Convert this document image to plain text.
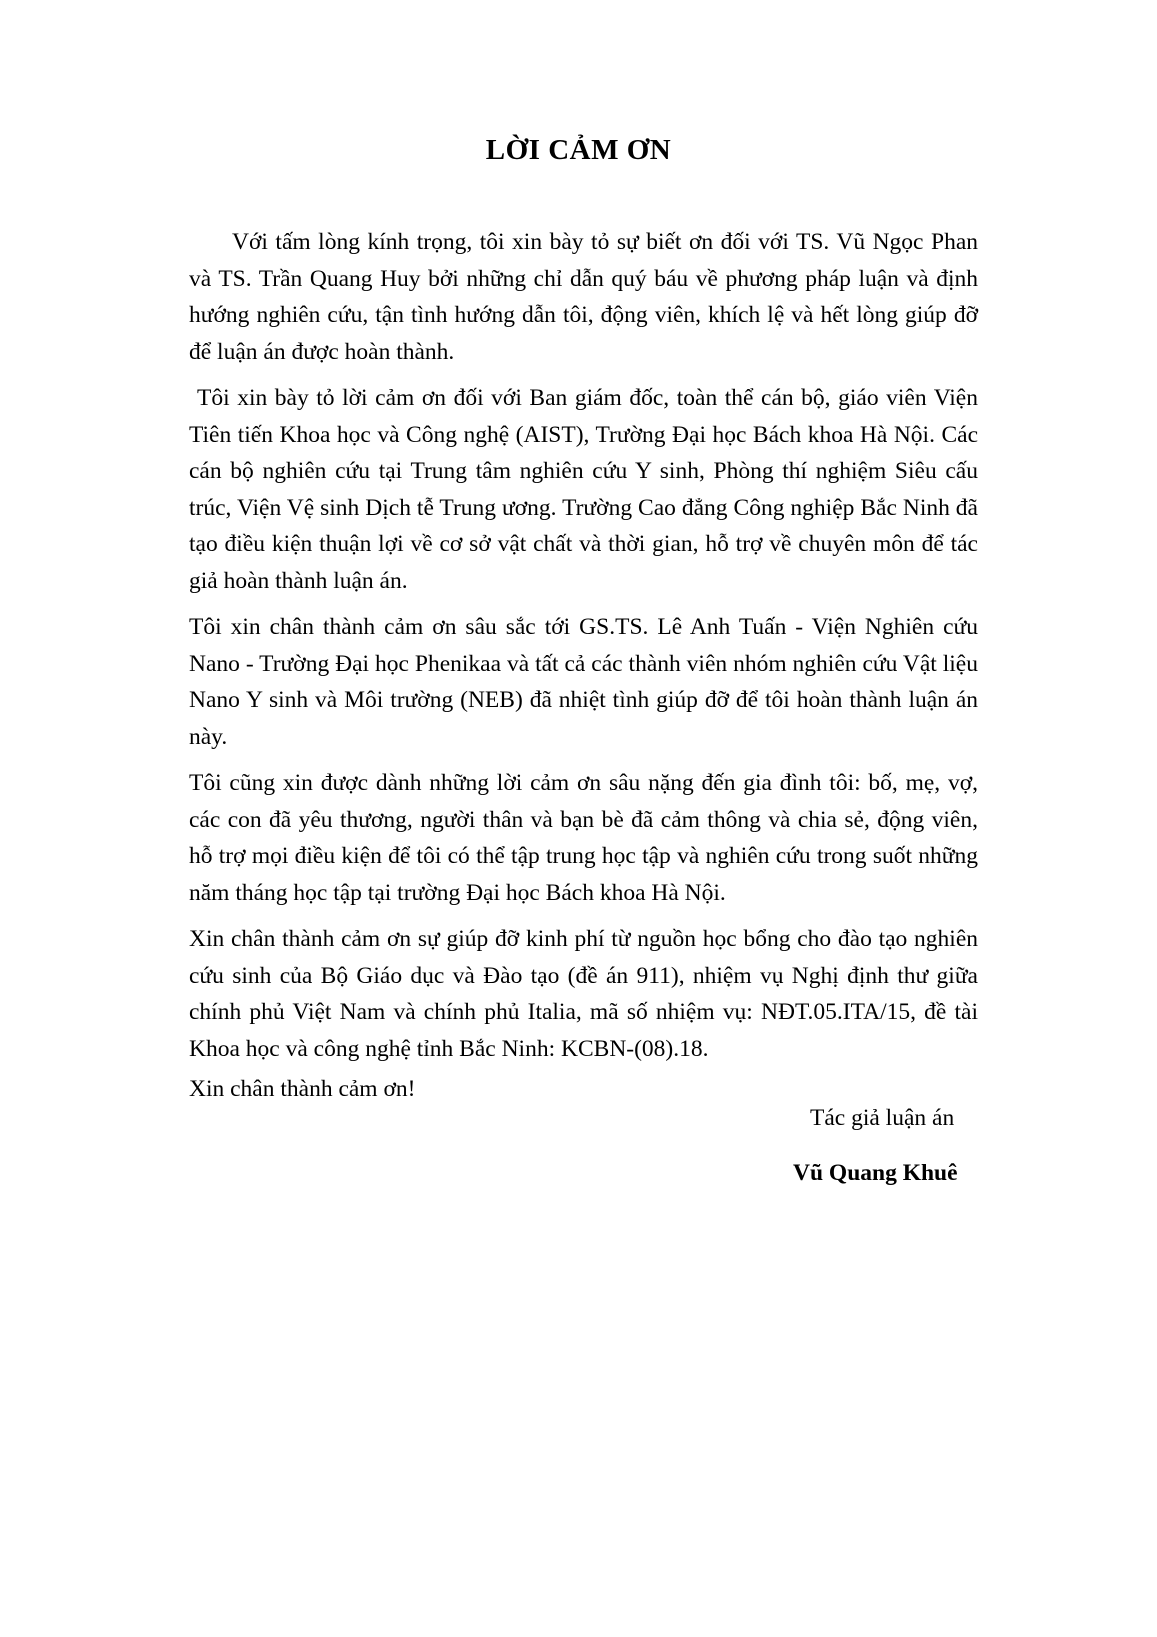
LỜI CẢM ƠN

Với tấm lòng kính trọng, tôi xin bày tỏ sự biết ơn đối với TS. Vũ Ngọc Phan và TS. Trần Quang Huy bởi những chỉ dẫn quý báu về phương pháp luận và định hướng nghiên cứu, tận tình hướng dẫn tôi, động viên, khích lệ và hết lòng giúp đỡ để luận án được hoàn thành.

Tôi xin bày tỏ lời cảm ơn đối với Ban giám đốc, toàn thể cán bộ, giáo viên Viện Tiên tiến Khoa học và Công nghệ (AIST), Trường Đại học Bách khoa Hà Nội. Các cán bộ nghiên cứu tại Trung tâm nghiên cứu Y sinh, Phòng thí nghiệm Siêu cấu trúc, Viện Vệ sinh Dịch tễ Trung ương. Trường Cao đẳng Công nghiệp Bắc Ninh đã tạo điều kiện thuận lợi về cơ sở vật chất và thời gian, hỗ trợ về chuyên môn để tác giả hoàn thành luận án.

Tôi xin chân thành cảm ơn sâu sắc tới GS.TS. Lê Anh Tuấn - Viện Nghiên cứu Nano - Trường Đại học Phenikaa và tất cả các thành viên nhóm nghiên cứu Vật liệu Nano Y sinh và Môi trường (NEB) đã nhiệt tình giúp đỡ để tôi hoàn thành luận án này.

Tôi cũng xin được dành những lời cảm ơn sâu nặng đến gia đình tôi: bố, mẹ, vợ, các con đã yêu thương, người thân và bạn bè đã cảm thông và chia sẻ, động viên, hỗ trợ mọi điều kiện để tôi có thể tập trung học tập và nghiên cứu trong suốt những năm tháng học tập tại trường Đại học Bách khoa Hà Nội.

Xin chân thành cảm ơn sự giúp đỡ kinh phí từ nguồn học bổng cho đào tạo nghiên cứu sinh của Bộ Giáo dục và Đào tạo (đề án 911), nhiệm vụ Nghị định thư giữa chính phủ Việt Nam và chính phủ Italia, mã số nhiệm vụ: NĐT.05.ITA/15, đề tài Khoa học và công nghệ tỉnh Bắc Ninh: KCBN-(08).18.

Xin chân thành cảm ơn!

Tác giả luận án

Vũ Quang Khuê
